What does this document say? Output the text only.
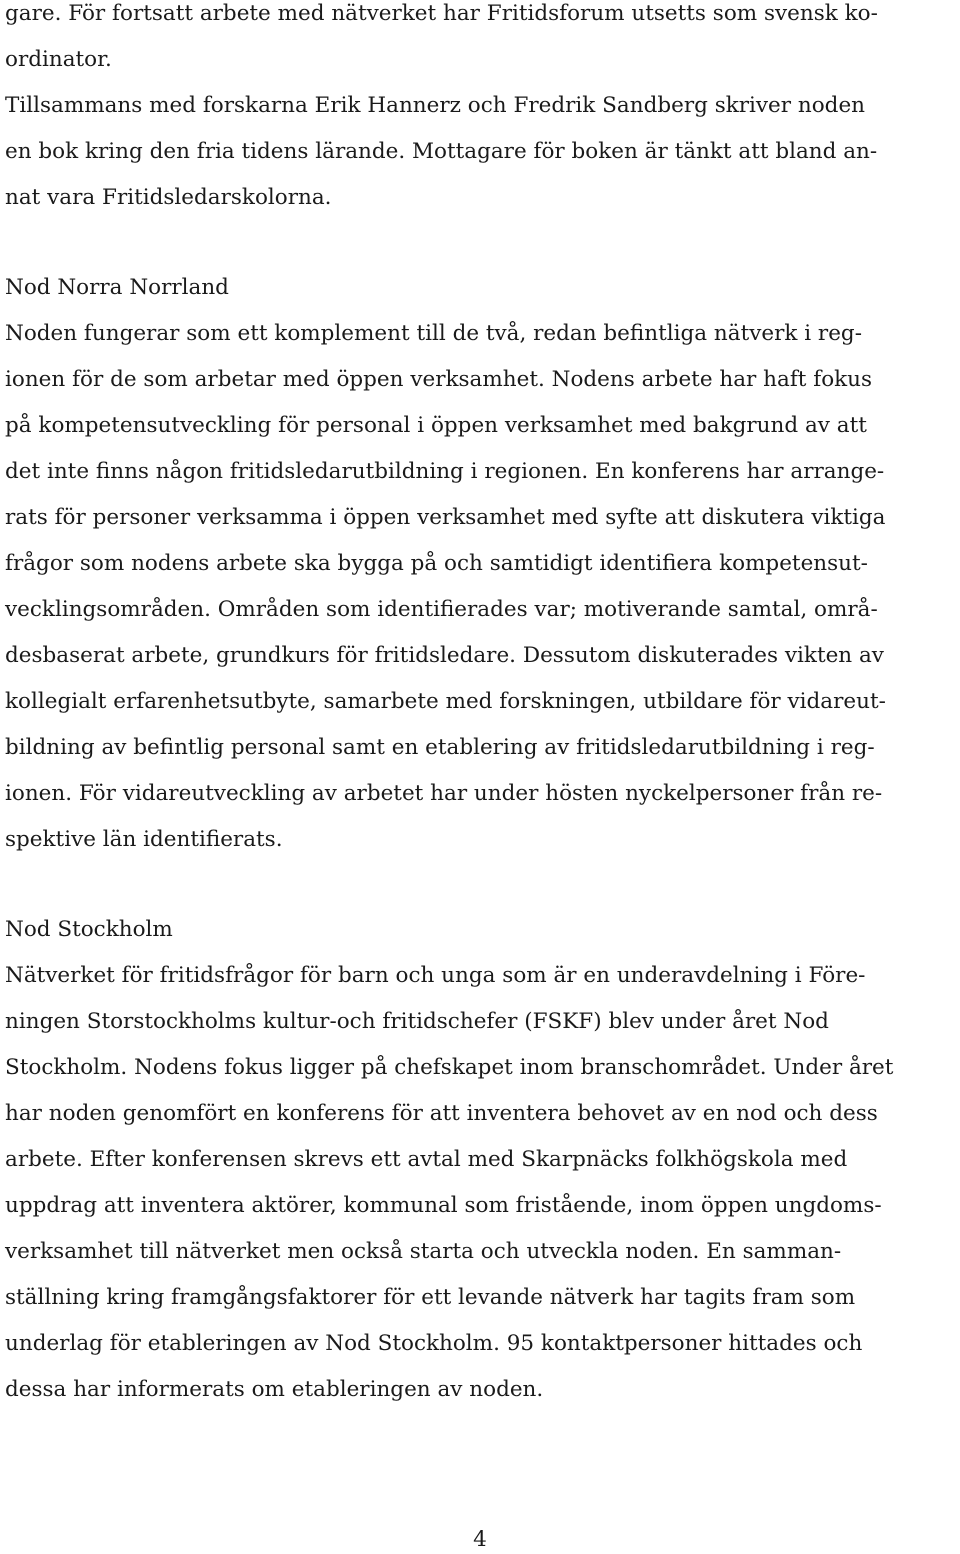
gare. För fortsatt arbete med nätverket har Fritidsforum utsetts som svensk ko-
ordinator.
Tillsammans med forskarna Erik Hannerz och Fredrik Sandberg skriver noden
en bok kring den fria tidens lärande. Mottagare för boken är tänkt att bland an-
nat vara Fritidsledarskolorna.
Nod Norra Norrland
Noden fungerar som ett komplement till de två, redan befintliga nätverk i reg-
ionen för de som arbetar med öppen verksamhet. Nodens arbete har haft fokus
på kompetensutveckling för personal i öppen verksamhet med bakgrund av att
det inte finns någon fritidsledarutbildning i regionen. En konferens har arrange-
rats för personer verksamma i öppen verksamhet med syfte att diskutera viktiga
frågor som nodens arbete ska bygga på och samtidigt identifiera kompetensut-
vecklingsområden. Områden som identifierades var; motiverande samtal, områ-
desbaserat arbete, grundkurs för fritidsledare. Dessutom diskuterades vikten av
kollegialt erfarenhetsutbyte, samarbete med forskningen, utbildare för vidareut-
bildning av befintlig personal samt en etablering av fritidsledarutbildning i reg-
ionen. För vidareutveckling av arbetet har under hösten nyckelpersoner från re-
spektive län identifierats.
Nod Stockholm
Nätverket för fritidsfrågor för barn och unga som är en underavdelning i Före-
ningen Storstockholms kultur-och fritidschefer (FSKF) blev under året Nod
Stockholm. Nodens fokus ligger på chefskapet inom branschområdet. Under året
har noden genomfört en konferens för att inventera behovet av en nod och dess
arbete. Efter konferensen skrevs ett avtal med Skarpnäcks folkhögskola med
uppdrag att inventera aktörer, kommunal som fristående, inom öppen ungdoms-
verksamhet till nätverket men också starta och utveckla noden. En samman-
ställning kring framgångsfaktorer för ett levande nätverk har tagits fram som
underlag för etableringen av Nod Stockholm. 95 kontaktpersoner hittades och
dessa har informerats om etableringen av noden.
4
